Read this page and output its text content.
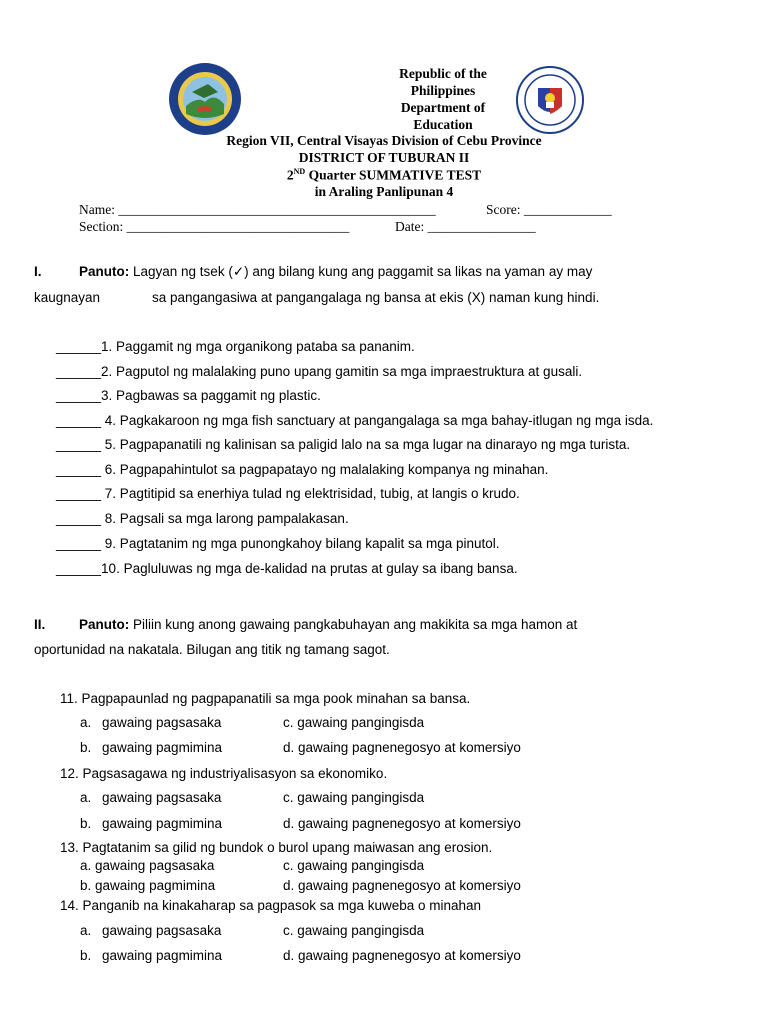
Republic of the
Philippines
Department of
Education
Region VII, Central Visayas Division of Cebu Province
DISTRICT OF TUBURAN II
2ND Quarter SUMMATIVE TEST
in Araling Panlipunan 4
Name: _______________________________________________	Score: _____________
Section: _________________________________	Date: ________________
I.	Panuto: Lagyan ng tsek (✓) ang bilang kung ang paggamit sa likas na yaman ay may
kaugnayan	sa pangangasiwa at pangangalaga ng bansa at ekis (X) naman kung hindi.
______1. Paggamit ng mga organikong pataba sa pananim.
______2. Pagputol ng malalaking puno upang gamitin sa mga impraestruktura at gusali.
______3. Pagbawas sa paggamit ng plastic.
______ 4. Pagkakaroon ng mga fish sanctuary at pangangalaga sa mga bahay-itlugan ng mga isda.
______ 5. Pagpapanatili ng kalinisan sa paligid lalo na sa mga lugar na dinarayo ng mga turista.
______ 6. Pagpapahintulot sa pagpapatayo ng malalaking kompanya ng minahan.
______ 7. Pagtitipid sa enerhiya tulad ng elektrisidad, tubig, at langis o krudo.
______ 8. Pagsali sa mga larong pampalakasan.
______ 9. Pagtatanim ng mga punongkahoy bilang kapalit sa mga pinutol.
______10. Pagluluwas ng mga de-kalidad na prutas at gulay sa ibang bansa.
II. Panuto: Piliin kung anong gawaing pangkabuhayan ang makikita sa mga hamon at
oportunidad na nakatala. Bilugan ang titik ng tamang sagot.
11. Pagpapaunlad ng pagpapanatili sa mga pook minahan sa bansa.
a. gawaing pagsasaka	c. gawaing pangingisda
b. gawaing pagmimina	d. gawaing pagnenegosyo at komersiyo
12. Pagsasagawa ng industriyalisasyon sa ekonomiko.
a. gawaing pagsasaka	c. gawaing pangingisda
b. gawaing pagmimina	d. gawaing pagnenegosyo at komersiyo
13. Pagtatanim sa gilid ng bundok o burol upang maiwasan ang erosion.
a. gawaing pagsasaka	c. gawaing pangingisda
b. gawaing pagmimina	d. gawaing pagnenegosyo at komersiyo
14. Panganib na kinakaharap sa pagpasok sa mga kuweba o minahan
a. gawaing pagsasaka	c. gawaing pangingisda
b. gawaing pagmimina	d. gawaing pagnenegosyo at komersiyo
